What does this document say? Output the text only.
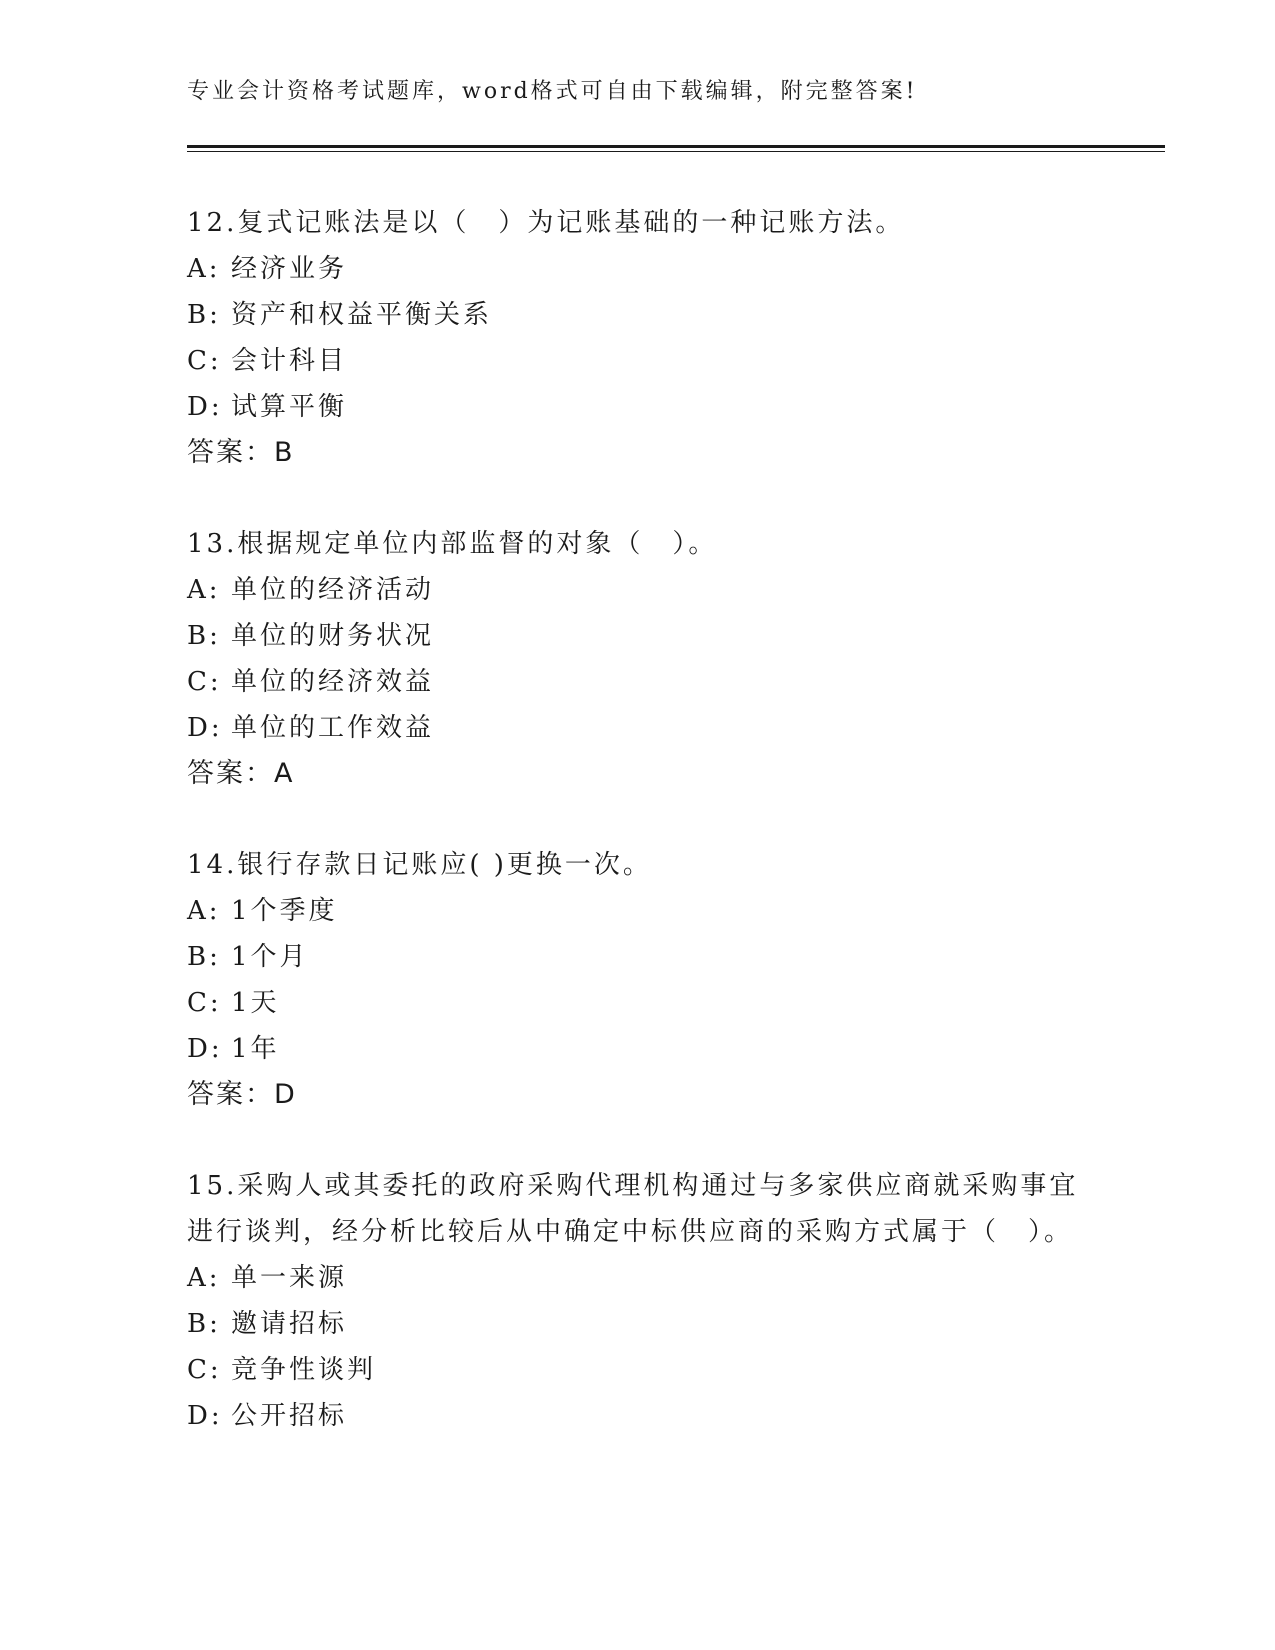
专业会计资格考试题库，word格式可自由下载编辑，附完整答案!
12.复式记账法是以（　）为记账基础的一种记账方法。
A: 经济业务
B: 资产和权益平衡关系
C: 会计科目
D: 试算平衡
答案：B
13.根据规定单位内部监督的对象（　）。
A: 单位的经济活动
B: 单位的财务状况
C: 单位的经济效益
D: 单位的工作效益
答案：A
14.银行存款日记账应( )更换一次。
A: 1个季度
B: 1个月
C: 1天
D: 1年
答案：D
15.采购人或其委托的政府采购代理机构通过与多家供应商就采购事宜进行谈判，经分析比较后从中确定中标供应商的采购方式属于（　）。
A: 单一来源
B: 邀请招标
C: 竞争性谈判
D: 公开招标
